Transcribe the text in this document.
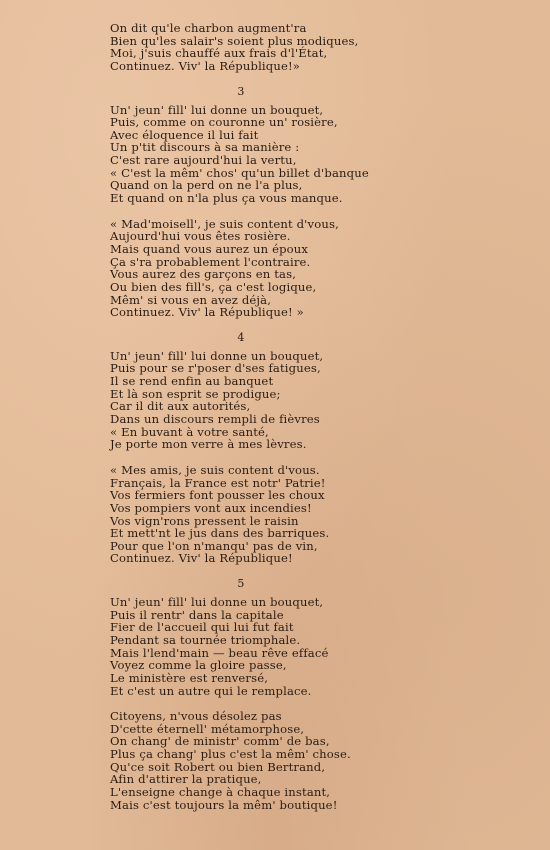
On dit qu'le charbon augment'ra
Bien qu'les salair's soient plus modiques,
Moi, j'suis chauffé aux frais d'l'État,
Continuez. Viv' la République!»
3
Un' jeun' fill' lui donne un bouquet,
Puis, comme on couronne un' rosière,
Avec éloquence il lui fait
Un p'tit discours à sa manière :
C'est rare aujourd'hui la vertu,
« C'est la mêm' chos' qu'un billet d'banque
Quand on la perd on ne l'a plus,
Et quand on n'la plus ça vous manque.
« Mad'moisell', je suis content d'vous,
Aujourd'hui vous êtes rosière.
Mais quand vous aurez un époux
Ça s'ra probablement l'contraire.
Vous aurez des garçons en tas,
Ou bien des fill's, ça c'est logique,
Mêm' si vous en avez déjà,
Continuez. Viv' la République! »
4
Un' jeun' fill' lui donne un bouquet,
Puis pour se r'poser d'ses fatigues,
Il se rend enfin au banquet
Et là son esprit se prodigue;
Car il dit aux autorités,
Dans un discours rempli de fièvres
« En buvant à votre santé,
Je porte mon verre à mes lèvres.
« Mes amis, je suis content d'vous.
Français, la France est notr' Patrie!
Vos fermiers font pousser les choux
Vos pompiers vont aux incendies!
Vos vign'rons pressent le raisin
Et mett'nt le jus dans des barriques.
Pour que l'on n'manqu' pas de vin,
Continuez. Viv' la République!
5
Un' jeun' fill' lui donne un bouquet,
Puis il rentr' dans la capitale
Fier de l'accueil qui lui fut fait
Pendant sa tournée triomphale.
Mais l'lend'main — beau rêve effacé
Voyez comme la gloire passe,
Le ministère est renversé,
Et c'est un autre qui le remplace.
Citoyens, n'vous désolez pas
D'cette éternell' métamorphose,
On chang' de ministr' comm' de bas,
Plus ça chang' plus c'est la mêm' chose.
Qu'ce soit Robert ou bien Bertrand,
Afin d'attirer la pratique,
L'enseigne change à chaque instant,
Mais c'est toujours la mêm' boutique!
